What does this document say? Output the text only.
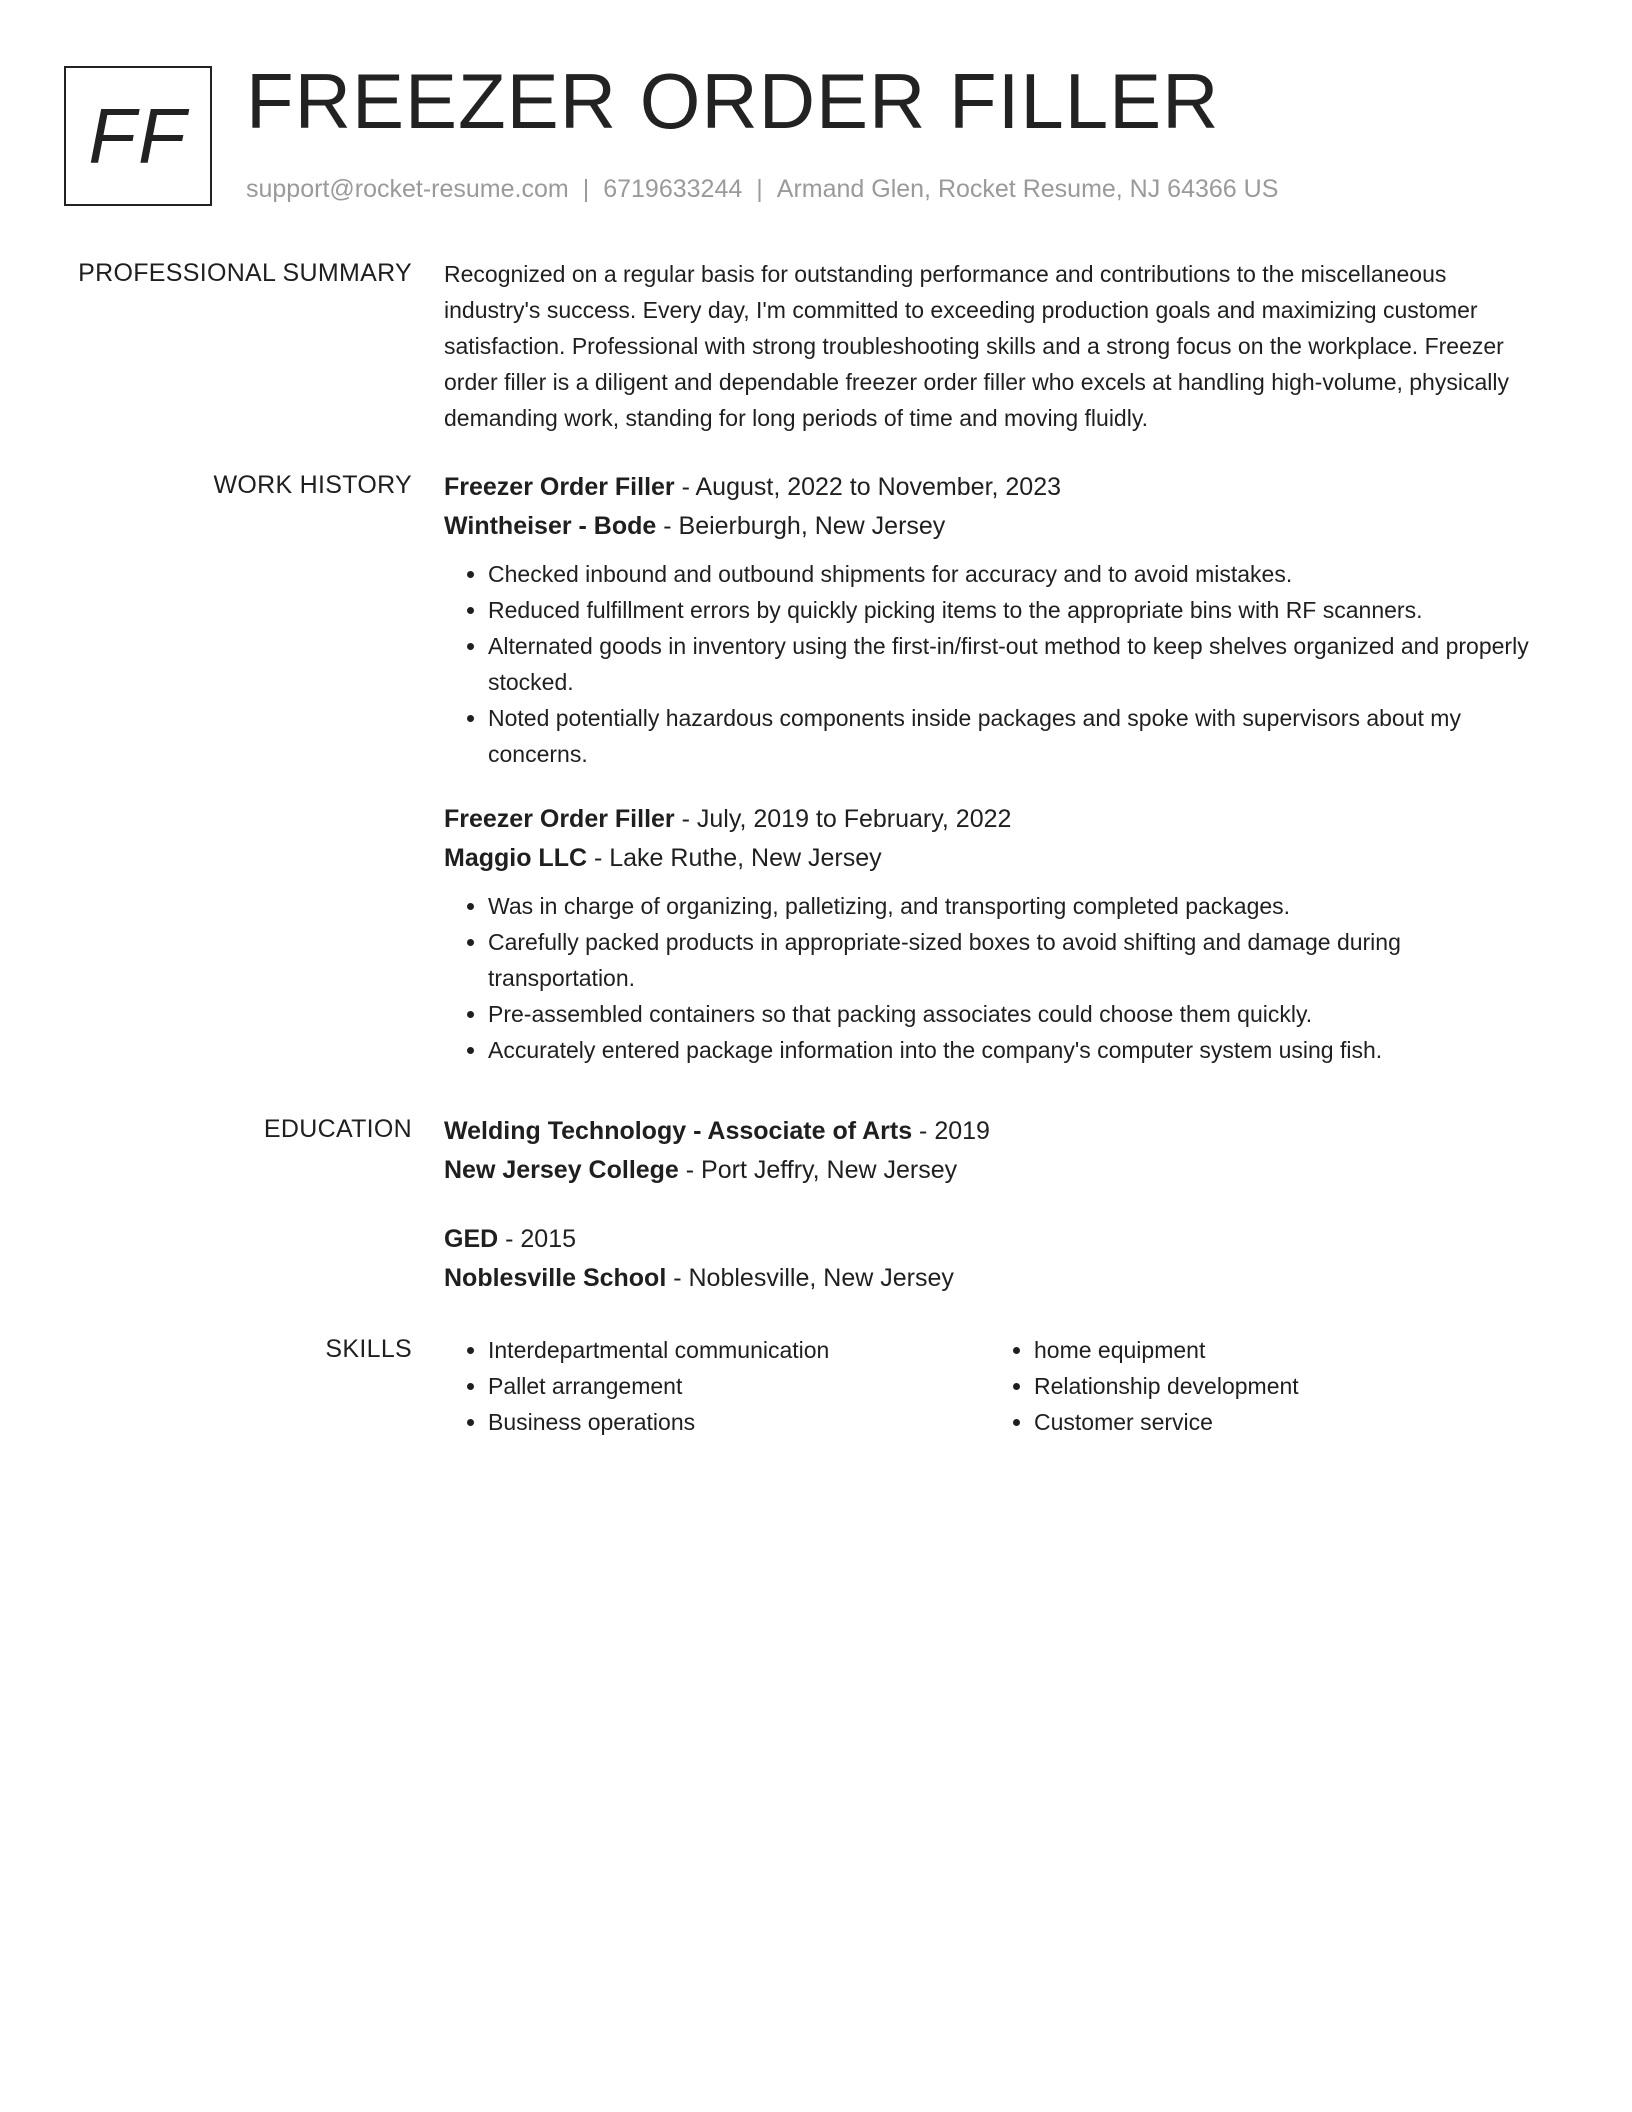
FF FREEZER ORDER FILLER
support@rocket-resume.com | 6719633244 | Armand Glen, Rocket Resume, NJ 64366 US
PROFESSIONAL SUMMARY Recognized on a regular basis for outstanding performance and contributions to the miscellaneous industry's success. Every day, I'm committed to exceeding production goals and maximizing customer satisfaction. Professional with strong troubleshooting skills and a strong focus on the workplace. Freezer order filler is a diligent and dependable freezer order filler who excels at handling high-volume, physically demanding work, standing for long periods of time and moving fluidly.

WORK HISTORY Freezer Order Filler - August, 2022 to November, 2023

Wintheiser - Bode - Beierburgh, New Jersey

• Checked inbound and outbound shipments for accuracy and to avoid mistakes.
• Reduced fulfillment errors by quickly picking items to the appropriate bins with RF scanners.
• Alternated goods in inventory using the first-in/first-out method to keep shelves organized and properly stocked.
• Noted potentially hazardous components inside packages and spoke with supervisors about my concerns.

Freezer Order Filler - July, 2019 to February, 2022

Maggio LLC - Lake Ruthe, New Jersey

• Was in charge of organizing, palletizing, and transporting completed packages.
• Carefully packed products in appropriate-sized boxes to avoid shifting and damage during transportation.
• Pre-assembled containers so that packing associates could choose them quickly.
• Accurately entered package information into the company's computer system using fish.
EDUCATION Welding Technology - Associate of Arts - 2019

New Jersey College - Port Jeffry, New Jersey

GED - 2015

Noblesville School - Noblesville, New Jersey

SKILLS
•	Interdepartmental communication
• Pallet arrangement
• Business operations
• home equipment
• Relationship development
• Customer service
